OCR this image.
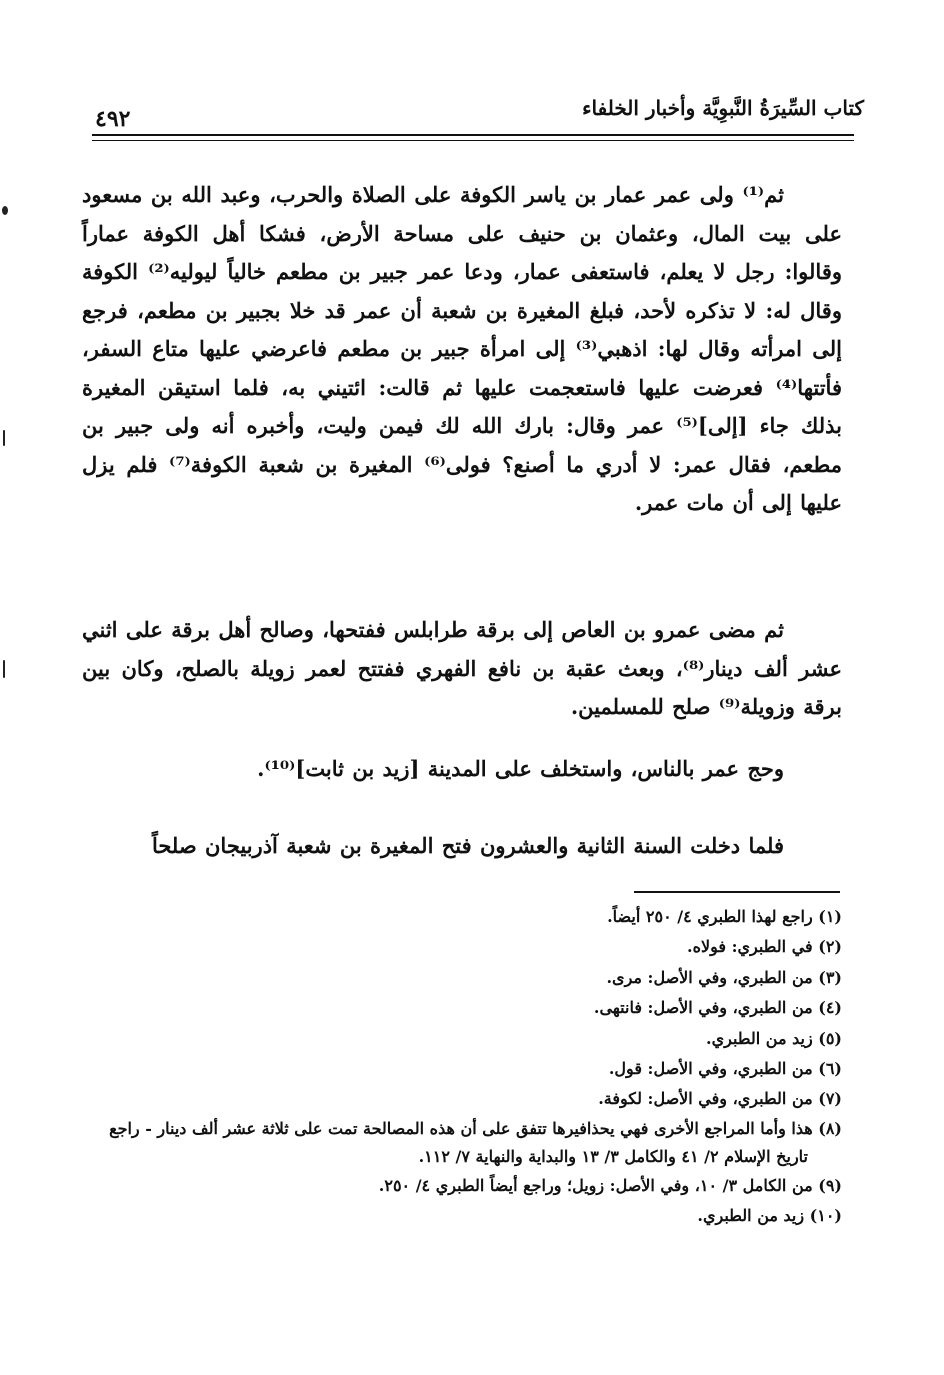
كتاب السِّيرَةُ النَّبوِيَّة وأخبار الخلفاء
٤٩٢
ثم⁽¹⁾ ولى عمر عمار بن ياسر الكوفة على الصلاة والحرب، وعبد الله بن مسعود على بيت المال، وعثمان بن حنيف على مساحة الأرض، فشكا أهل الكوفة عماراً وقالوا: رجل لا يعلم، فاستعفى عمار، ودعا عمر جبير بن مطعم خالياً ليوليه⁽²⁾ الكوفة وقال له: لا تذكره لأحد، فبلغ المغيرة بن شعبة أن عمر قد خلا بجبير بن مطعم، فرجع إلى امرأته وقال لها: اذهبي⁽³⁾ إلى امرأة جبير بن مطعم فاعرضي عليها متاع السفر، فأتتها⁽⁴⁾ فعرضت عليها فاستعجمت عليها ثم قالت: ائتيني به، فلما استيقن المغيرة بذلك جاء [إلى]⁽⁵⁾ عمر وقال: بارك الله لك فيمن وليت، وأخبره أنه ولى جبير بن مطعم، فقال عمر: لا أدري ما أصنع؟ فولى⁽⁶⁾ المغيرة بن شعبة الكوفة⁽⁷⁾ فلم يزل عليها إلى أن مات عمر.
ثم مضى عمرو بن العاص إلى برقة طرابلس ففتحها، وصالح أهل برقة على اثني عشر ألف دينار⁽⁸⁾، وبعث عقبة بن نافع الفهري ففتتح لعمر زويلة بالصلح، وكان بين برقة وزويلة⁽⁹⁾ صلح للمسلمين.
وحج عمر بالناس، واستخلف على المدينة [زيد بن ثابت]⁽¹⁰⁾.
فلما دخلت السنة الثانية والعشرون فتح المغيرة بن شعبة آذربيجان صلحاً
(١) راجع لهذا الطبري ٤/ ٢٥٠ أيضاً.
(٢) في الطبري: فولاه.
(٣) من الطبري، وفي الأصل: مرى.
(٤) من الطبري، وفي الأصل: فانتهى.
(٥) زيد من الطبري.
(٦) من الطبري، وفي الأصل: قول.
(٧) من الطبري، وفي الأصل: لكوفة.
(٨) هذا وأما المراجع الأخرى فهي يحذافيرها تتفق على أن هذه المصالحة تمت على ثلاثة عشر ألف دينار - راجع تاريخ الإسلام ٢/ ٤١ والكامل ٣/ ١٣ والبداية والنهاية ٧/ ١١٢.
(٩) من الكامل ٣/ ١٠، وفي الأصل: زويل؛ وراجع أيضاً الطبري ٤/ ٢٥٠.
(١٠) زيد من الطبري.
